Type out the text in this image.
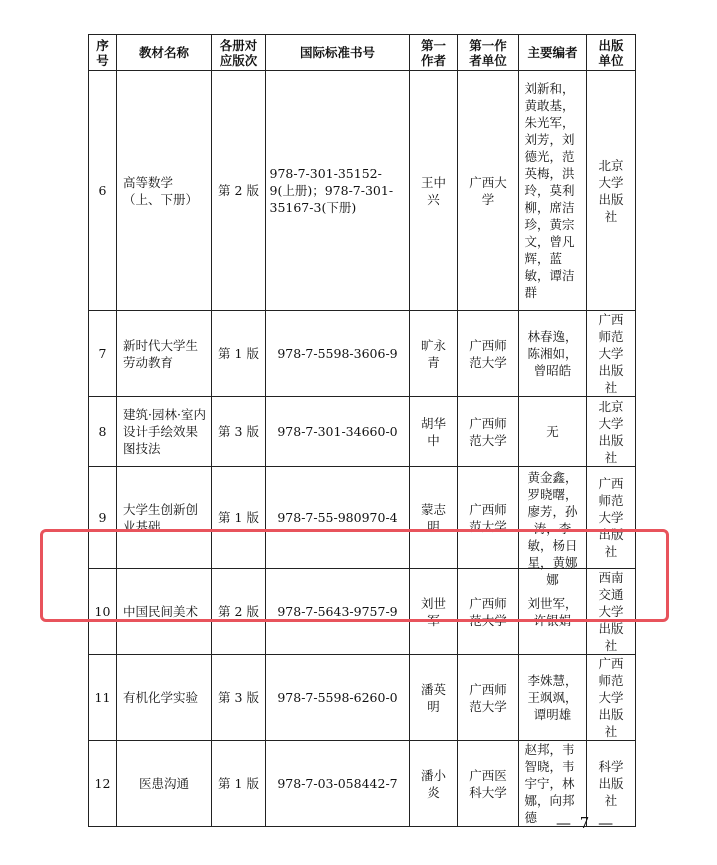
序号	教材名称	各册对应版次	国际标准书号	第一作者	第一作者单位	主要编者	出版单位

6	高等数学（上、下册）	第 2 版	978-7-301-35152-9(上册)；978-7-301-35167-3(下册)	王中兴	广西大学	刘新和，黄敢基，朱光军，刘芳，刘德光，范英梅，洪玲，莫利柳，席洁珍，黄宗文，曾凡辉，蓝敏，谭洁群	北京大学出版社

7	新时代大学生劳动教育	第 1 版	978-7-5598-3606-9	旷永青	广西师范大学	林春逸，陈湘如，曾昭皓	广西师范大学出版社

8	建筑·园林·室内设计手绘效果图技法	第 3 版	978-7-301-34660-0	胡华中	广西师范大学	无	北京大学出版社

9	大学生创新创业基础	第 1 版	978-7-55-980970-4	蒙志明	广西师范大学	黄金鑫，罗晓曙，廖芳，孙涛，李敏，杨日星，黄娜娜	广西师范大学出版社

10	中国民间美术	第 2 版	978-7-5643-9757-9	刘世军	广西师范大学	刘世军，许银娟	西南交通大学出版社

11	有机化学实验	第 3 版	978-7-5598-6260-0	潘英明	广西师范大学	李姝慧，王飒飒，谭明雄	广西师范大学出版社

12	医患沟通	第 1 版	978-7-03-058442-7	潘小炎	广西医科大学	赵邦，韦智晓，韦宇宁，林娜，向邦德	科学出版社
— 7 —
